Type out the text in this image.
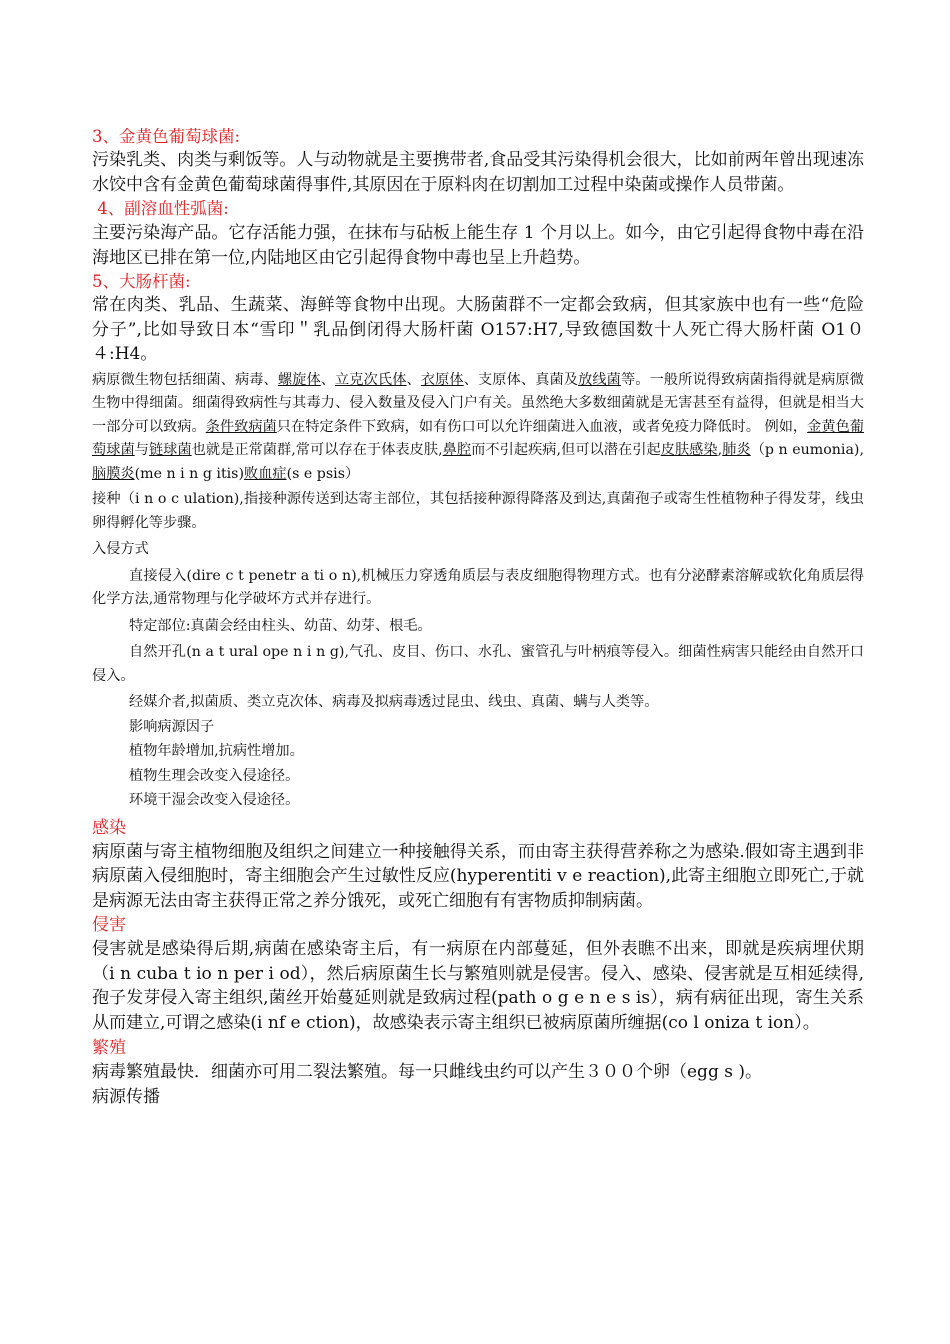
3、金黄色葡萄球菌:

污染乳类、肉类与剩饭等。人与动物就是主要携带者,食品受其污染得机会很大，比如前两年曾出现速冻水饺中含有金黄色葡萄球菌得事件,其原因在于原料肉在切割加工过程中染菌或操作人员带菌。

4、副溶血性弧菌:

主要污染海产品。它存活能力强，在抹布与砧板上能生存 1 个月以上。如今，由它引起得食物中毒在沿海地区已排在第一位,内陆地区由它引起得食物中毒也呈上升趋势。

5、大肠杆菌:

常在肉类、乳品、生蔬菜、海鲜等食物中出现。大肠菌群不一定都会致病，但其家族中也有一些“危险分子”,比如导致日本“雪印＂乳品倒闭得大肠杆菌 O157:H7,导致德国数十人死亡得大肠杆菌 O1０４:H4。

病原微生物包括细菌、病毒、螺旋体、立克次氏体、衣原体、支原体、真菌及放线菌等。一般所说得致病菌指得就是病原微生物中得细菌。细菌得致病性与其毒力、侵入数量及侵入门户有关。虽然绝大多数细菌就是无害甚至有益得，但就是相当大一部分可以致病。条件致病菌只在特定条件下致病，如有伤口可以允许细菌进入血液，或者免疫力降低时。 例如，金黄色葡萄球菌与链球菌也就是正常菌群,常可以存在于体表皮肤,鼻腔而不引起疾病,但可以潜在引起皮肤感染,肺炎（p n eumonia),脑膜炎(me n i n g itis)败血症(s e psis）

接种（i n o c ulation),指接种源传送到达寄主部位，其包括接种源得降落及到达,真菌孢子或寄生性植物种子得发芽，线虫卵得孵化等步骤。

入侵方式

直接侵入(dire c t penetr a ti o n),机械压力穿透角质层与表皮细胞得物理方式。也有分泌酵素溶解或软化角质层得化学方法,通常物理与化学破坏方式并存进行。

特定部位:真菌会经由柱头、幼苗、幼芽、根毛。

自然开孔(n a t ural ope n i n g),气孔、皮目、伤口、水孔、蜜管孔与叶柄痕等侵入。细菌性病害只能经由自然开口侵入。

经媒介者,拟菌质、类立克次体、病毒及拟病毒透过昆虫、线虫、真菌、螨与人类等。

影响病源因子

植物年龄增加,抗病性增加。

植物生理会改变入侵途径。

环境干湿会改变入侵途径。

感染

病原菌与寄主植物细胞及组织之间建立一种接触得关系，而由寄主获得营养称之为感染.假如寄主遇到非病原菌入侵细胞时，寄主细胞会产生过敏性反应(hyperentiti v e reaction),此寄主细胞立即死亡,于就是病源无法由寄主获得正常之养分饿死，或死亡细胞有有害物质抑制病菌。

侵害

侵害就是感染得后期,病菌在感染寄主后，有一病原在内部蔓延，但外表瞧不出来，即就是疾病埋伏期（i n cuba t io n per i od），然后病原菌生长与繁殖则就是侵害。侵入、感染、侵害就是互相延续得,孢子发芽侵入寄主组织,菌丝开始蔓延则就是致病过程(path o g e n e s is），病有病征出现，寄生关系从而建立,可谓之感染(i nf e ction)，故感染表示寄主组织已被病原菌所缠据(co l oniza t ion）。

繁殖

病毒繁殖最快．细菌亦可用二裂法繁殖。每一只雌线虫约可以产生３００个卵（egg s )。

病源传播
